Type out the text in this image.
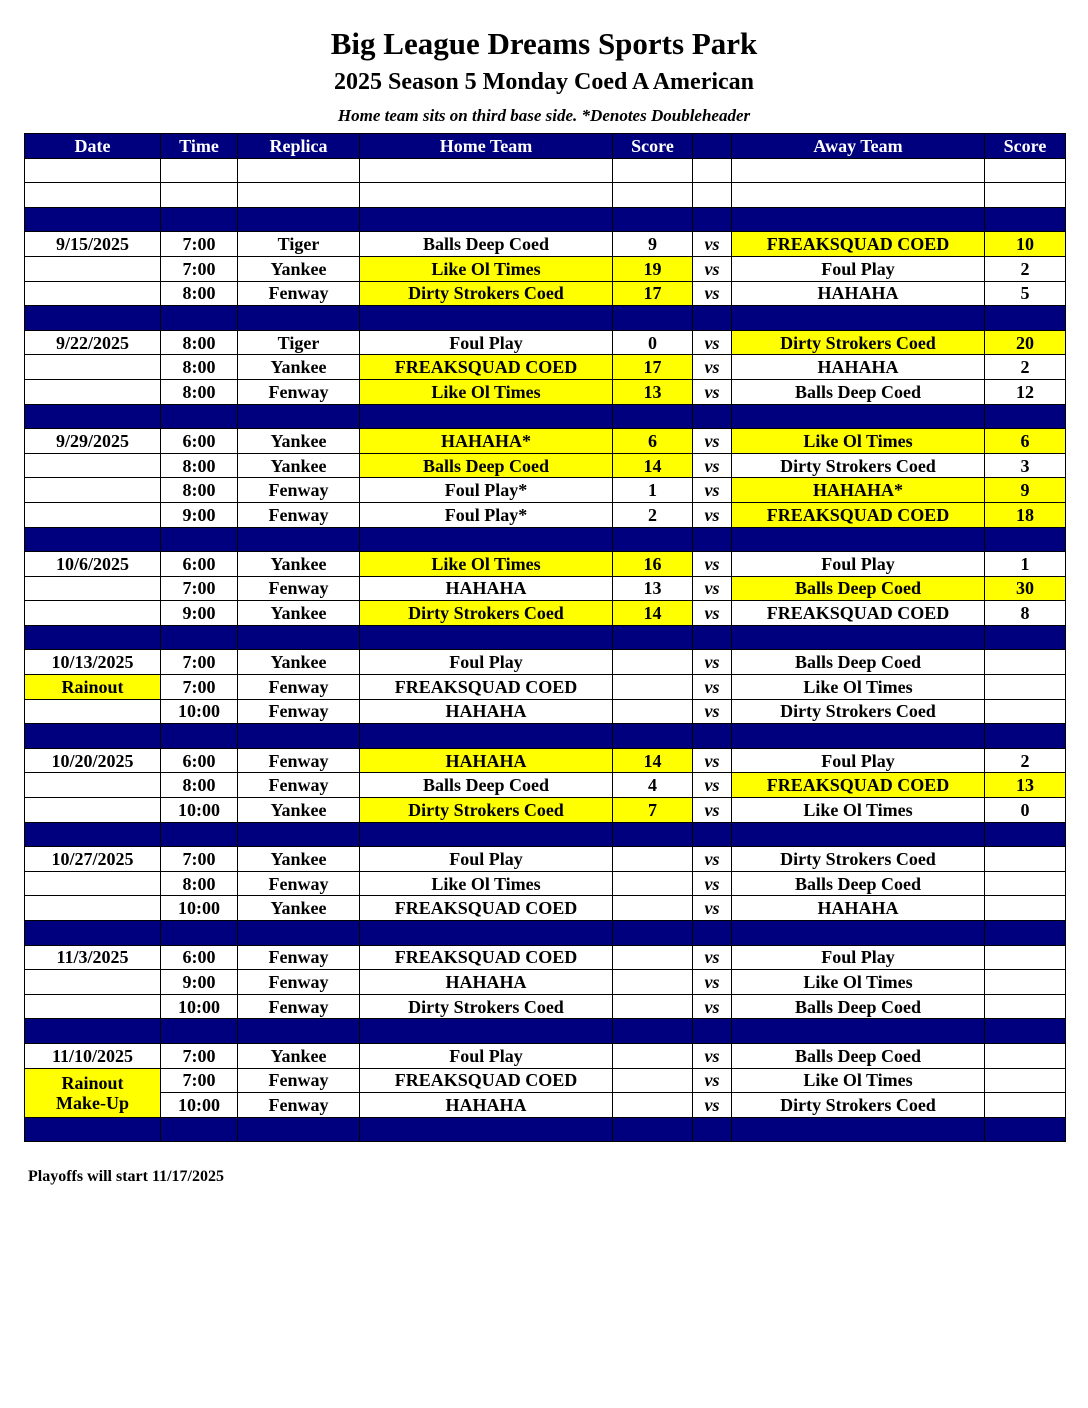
Big League Dreams Sports Park
2025 Season 5 Monday Coed A American
Home team sits on third base side. *Denotes Doubleheader
Date	Time	Replica	Home Team	Score		Away Team	Score

9/15/2025	7:00	Tiger	Balls Deep Coed	9	vs	FREAKSQUAD COED	10
	7:00	Yankee	Like Ol Times	19	vs	Foul Play	2
	8:00	Fenway	Dirty Strokers Coed	17	vs	HAHAHA	5

9/22/2025	8:00	Tiger	Foul Play	0	vs	Dirty Strokers Coed	20
	8:00	Yankee	FREAKSQUAD COED	17	vs	HAHAHA	2
	8:00	Fenway	Like Ol Times	13	vs	Balls Deep Coed	12

9/29/2025	6:00	Yankee	HAHAHA*	6	vs	Like Ol Times	6
	8:00	Yankee	Balls Deep Coed	14	vs	Dirty Strokers Coed	3
	8:00	Fenway	Foul Play*	1	vs	HAHAHA*	9
	9:00	Fenway	Foul Play*	2	vs	FREAKSQUAD COED	18

10/6/2025	6:00	Yankee	Like Ol Times	16	vs	Foul Play	1
	7:00	Fenway	HAHAHA	13	vs	Balls Deep Coed	30
	9:00	Yankee	Dirty Strokers Coed	14	vs	FREAKSQUAD COED	8

10/13/2025	7:00	Yankee	Foul Play		vs	Balls Deep Coed	
Rainout	7:00	Fenway	FREAKSQUAD COED		vs	Like Ol Times	
	10:00	Fenway	HAHAHA		vs	Dirty Strokers Coed	

10/20/2025	6:00	Fenway	HAHAHA	14	vs	Foul Play	2
	8:00	Fenway	Balls Deep Coed	4	vs	FREAKSQUAD COED	13
	10:00	Yankee	Dirty Strokers Coed	7	vs	Like Ol Times	0

10/27/2025	7:00	Yankee	Foul Play		vs	Dirty Strokers Coed	
	8:00	Fenway	Like Ol Times		vs	Balls Deep Coed	
	10:00	Yankee	FREAKSQUAD COED		vs	HAHAHA	

11/3/2025	6:00	Fenway	FREAKSQUAD COED		vs	Foul Play	
	9:00	Fenway	HAHAHA		vs	Like Ol Times	
	10:00	Fenway	Dirty Strokers Coed		vs	Balls Deep Coed	

11/10/2025	7:00	Yankee	Foul Play		vs	Balls Deep Coed	
Rainout Make-Up	7:00	Fenway	FREAKSQUAD COED		vs	Like Ol Times	
	10:00	Fenway	HAHAHA		vs	Dirty Strokers Coed	

Playoffs will start 11/17/2025
